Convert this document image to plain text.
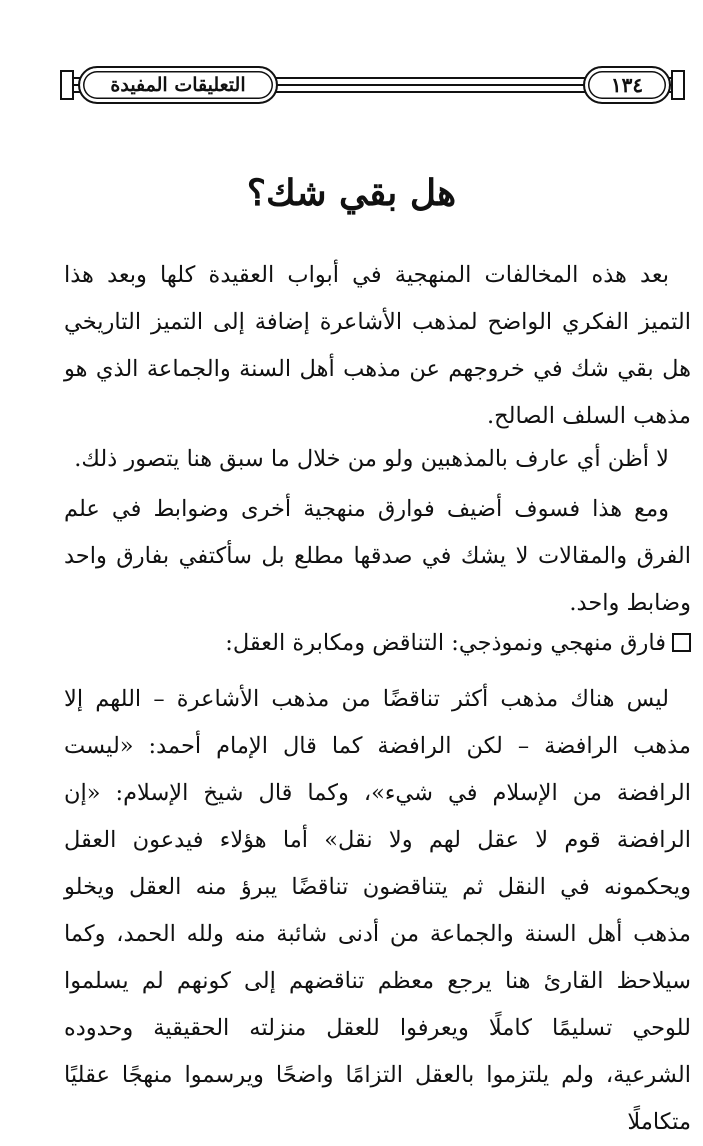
التعليقات المفيدة	١٣٤
هل بقي شك؟

بعد هذه المخالفات المنهجية في أبواب العقيدة كلها وبعد هذا التميز الفكري الواضح لمذهب الأشاعرة إضافة إلى التميز التاريخي هل بقي شك في خروجهم عن مذهب أهل السنة والجماعة الذي هو مذهب السلف الصالح.

لا أظن أي عارف بالمذهبين ولو من خلال ما سبق هنا يتصور ذلك.

ومع هذا فسوف أضيف فوارق منهجية أخرى وضوابط في علم الفرق والمقالات لا يشك في صدقها مطلع بل سأكتفي بفارق واحد وضابط واحد.

فارق منهجي ونموذجي: التناقض ومكابرة العقل:

ليس هناك مذهب أكثر تناقضًا من مذهب الأشاعرة – اللهم إلا مذهب الرافضة – لكن الرافضة كما قال الإمام أحمد: «ليست الرافضة من الإسلام في شيء»، وكما قال شيخ الإسلام: «إن الرافضة قوم لا عقل لهم ولا نقل» أما هؤلاء فيدعون العقل ويحكمونه في النقل ثم يتناقضون تناقضًا يبرؤ منه العقل ويخلو مذهب أهل السنة والجماعة من أدنى شائبة منه ولله الحمد، وكما سيلاحظ القارئ هنا يرجع معظم تناقضهم إلى كونهم لم يسلموا للوحي تسليمًا كاملًا ويعرفوا للعقل منزلته الحقيقية وحدوده الشرعية، ولم يلتزموا بالعقل التزامًا واضحًا ويرسموا منهجًا عقليًا متكاملًا
